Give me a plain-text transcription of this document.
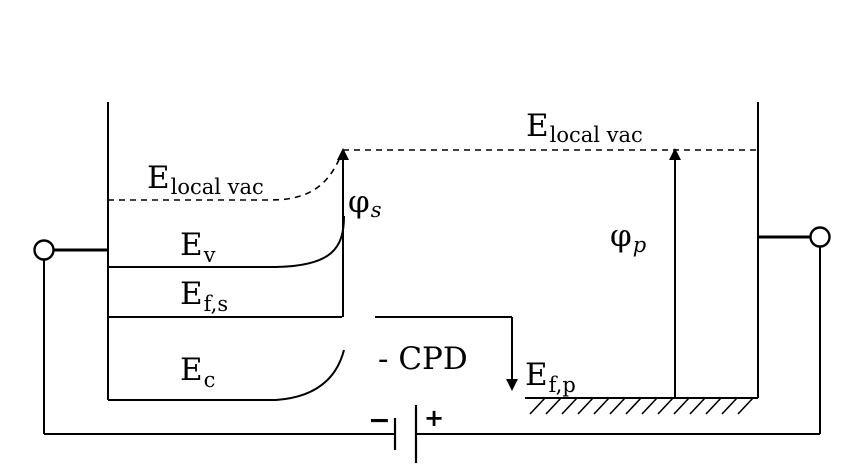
Elocal vac
Elocal vac
Ev
Ef,s
Ec	Ef,p
φs
φp
- CPD
− +
